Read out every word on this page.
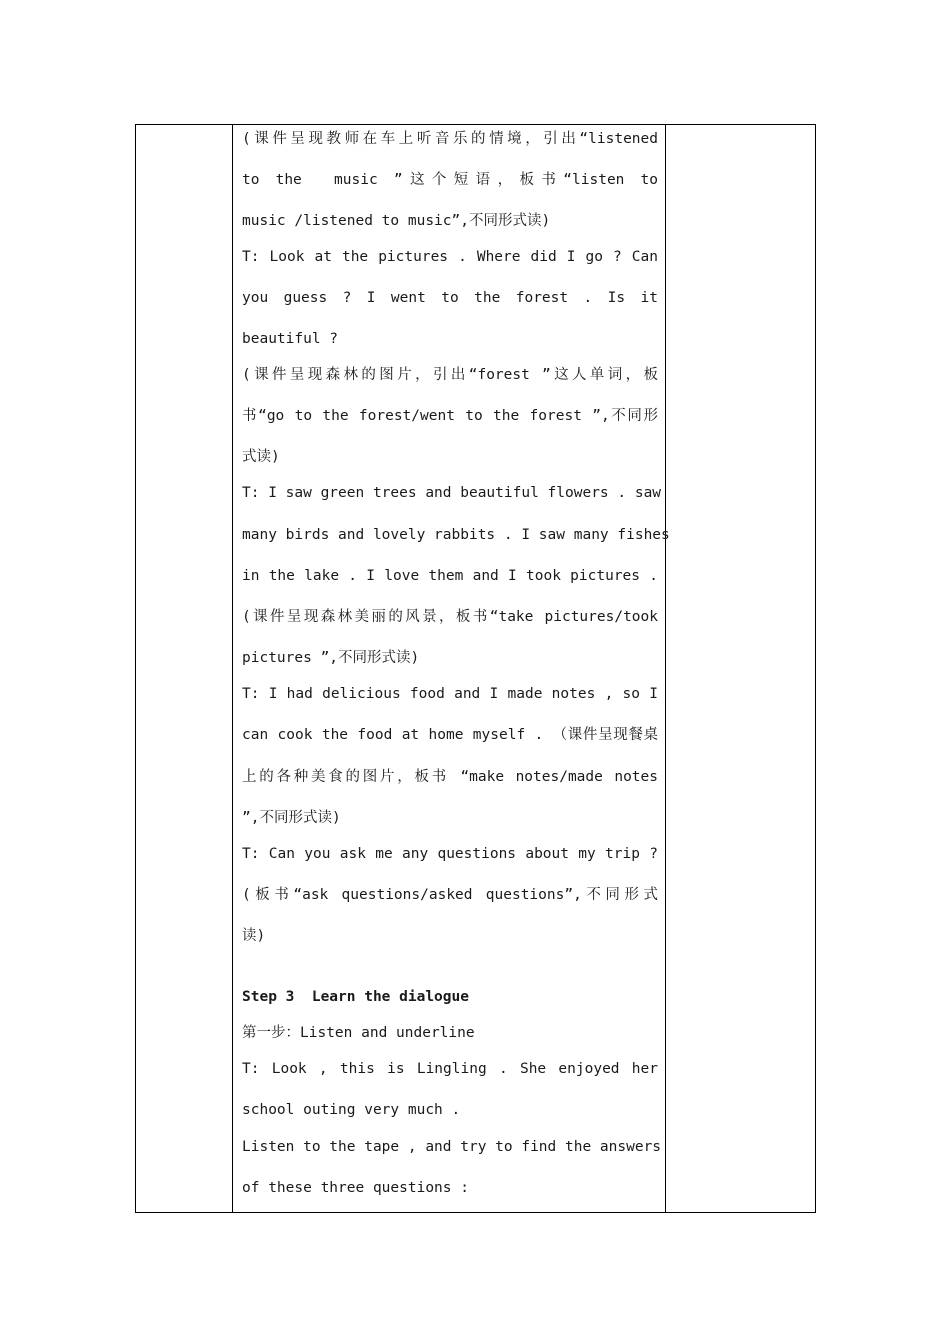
(课件呈现教师在车上听音乐的情境，引出“listened
to the  music ”这个短语，板书“listen to
music /listened to music”,不同形式读)
T: Look at the pictures . Where did I go ? Can
you guess ? I went to the forest . Is it
beautiful ?
(课件呈现森林的图片，引出“forest ”这人单词，板
书“go to the forest/went to the forest ”,不同形
式读)
T: I saw green trees and beautiful flowers . saw
many birds and lovely rabbits . I saw many fishes
in the lake . I love them and I took pictures .
(课件呈现森林美丽的风景，板书“take pictures/took
pictures ”,不同形式读)
T: I had delicious food and I made notes , so I
can cook the food at home myself . （课件呈现餐桌
上的各种美食的图片，板书 “make notes/made notes
”,不同形式读)
T: Can you ask me any questions about my trip ?
(板书“ask questions/asked questions”,不同形式
读)
Step 3  Learn the dialogue
第一步：Listen and underline
T: Look , this is Lingling . She enjoyed her
school outing very much .
Listen to the tape , and try to find the answers
of these three questions :
